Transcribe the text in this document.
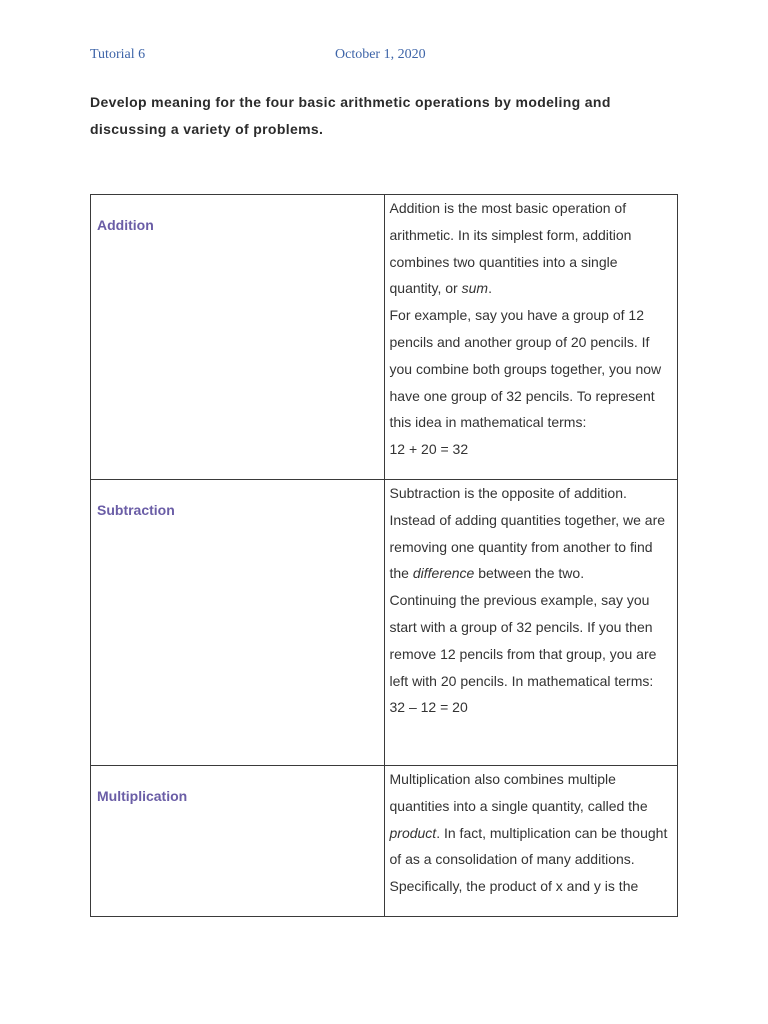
Tutorial 6	October 1, 2020
Develop meaning for the four basic arithmetic operations by modeling and discussing a variety of problems.
Addition	Addition is the most basic operation of arithmetic. In its simplest form, addition combines two quantities into a single quantity, or sum.
For example, say you have a group of 12 pencils and another group of 20 pencils. If you combine both groups together, you now have one group of 32 pencils. To represent this idea in mathematical terms:
12 + 20 = 32

Subtraction	Subtraction is the opposite of addition. Instead of adding quantities together, we are removing one quantity from another to find the difference between the two.
Continuing the previous example, say you start with a group of 32 pencils. If you then remove 12 pencils from that group, you are left with 20 pencils. In mathematical terms:
32 – 12 = 20

Multiplication	Multiplication also combines multiple quantities into a single quantity, called the product. In fact, multiplication can be thought of as a consolidation of many additions.
Specifically, the product of x and y is the
